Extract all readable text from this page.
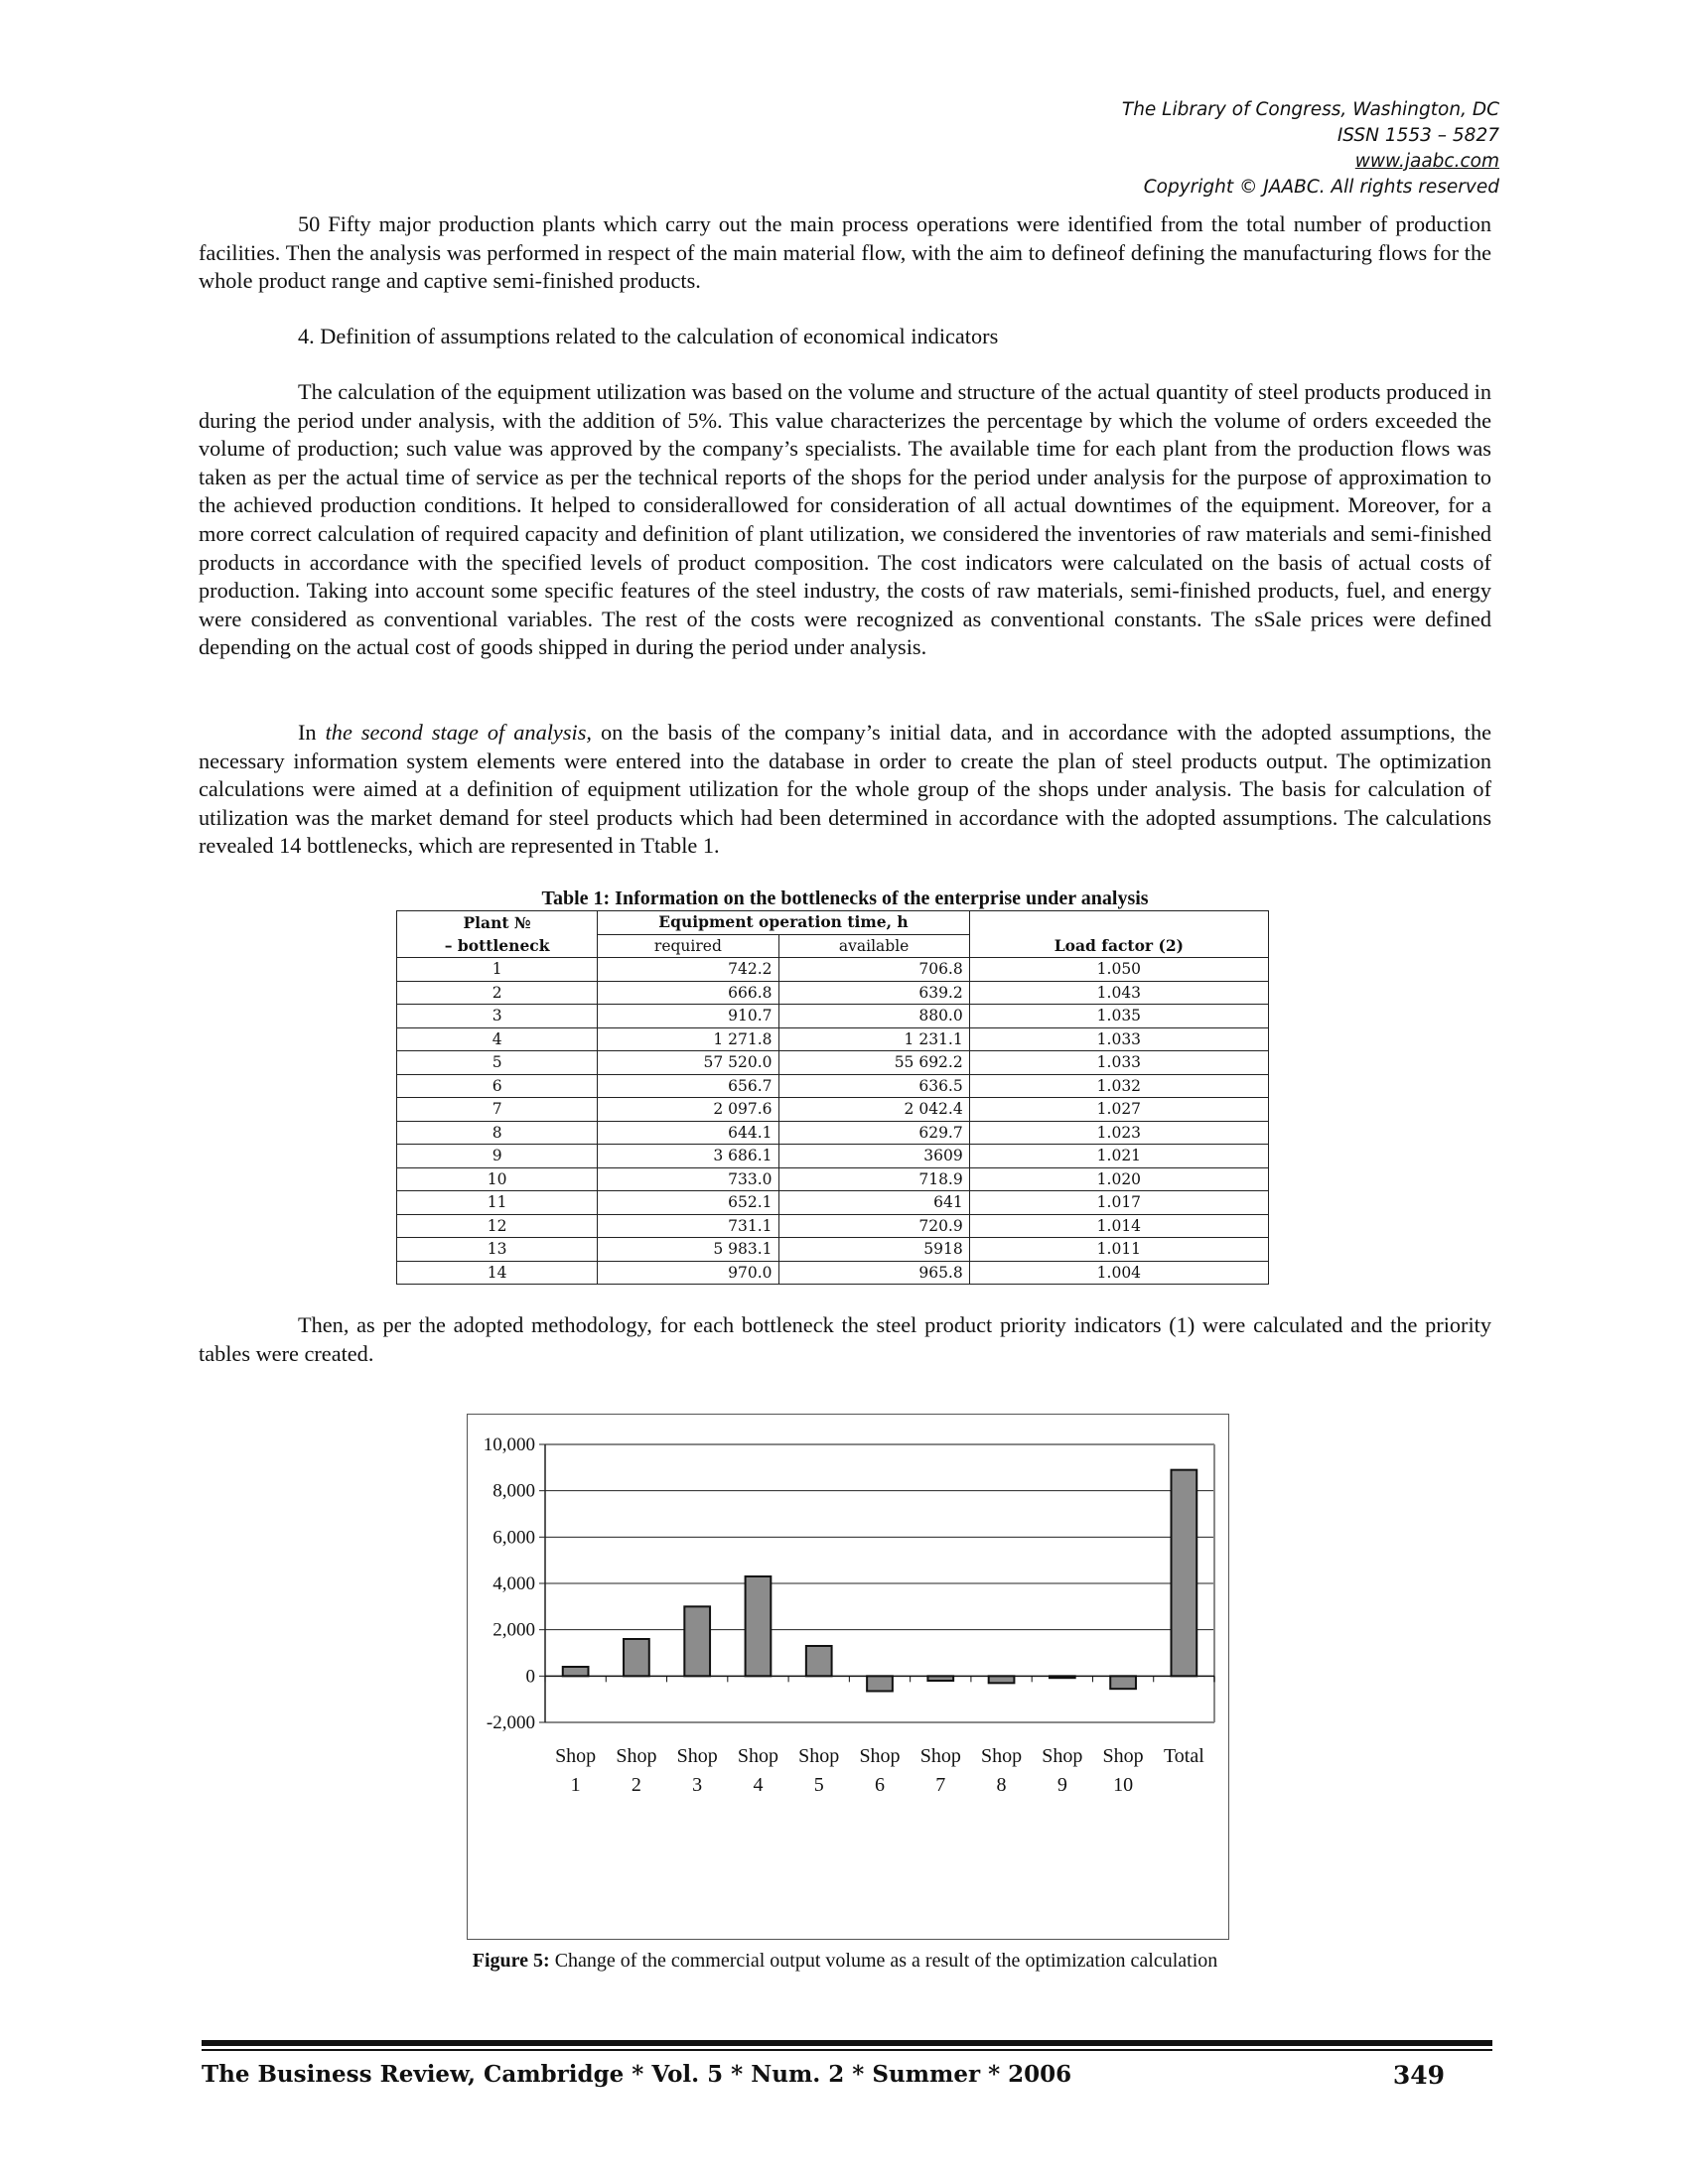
The Library of Congress, Washington, DC
ISSN 1553 – 5827
www.jaabc.com
Copyright © JAABC. All rights reserved

50 Fifty major production plants which carry out the main process operations were identified from the total number of production facilities. Then the analysis was performed in respect of the main material flow, with the aim to defineof defining the manufacturing flows for the whole product range and captive semi-finished products.

4. Definition of assumptions related to the calculation of economical indicators

The calculation of the equipment utilization was based on the volume and structure of the actual quantity of steel products produced in during the period under analysis, with the addition of 5%. This value characterizes the percentage by which the volume of orders exceeded the volume of production; such value was approved by the company’s specialists. The available time for each plant from the production flows was taken as per the actual time of service as per the technical reports of the shops for the period under analysis for the purpose of approximation to the achieved production conditions. It helped to considerallowed for consideration of all actual downtimes of the equipment. Moreover, for a more correct calculation of required capacity and definition of plant utilization, we considered the inventories of raw materials and semi-finished products in accordance with the specified levels of product composition. The cost indicators were calculated on the basis of actual costs of production. Taking into account some specific features of the steel industry, the costs of raw materials, semi-finished products, fuel, and energy were considered as conventional variables. The rest of the costs were recognized as conventional constants. The sSale prices were defined depending on the actual cost of goods shipped in during the period under analysis.

In the second stage of analysis, on the basis of the company’s initial data, and in accordance with the adopted assumptions, the necessary information system elements were entered into the database in order to create the plan of steel products output. The optimization calculations were aimed at a definition of equipment utilization for the whole group of the shops under analysis. The basis for calculation of utilization was the market demand for steel products which had been determined in accordance with the adopted assumptions. The calculations revealed 14 bottlenecks, which are represented in Ttable 1.

Table 1: Information on the bottlenecks of the enterprise under analysis
Plant №	Equipment operation time, h		
– bottleneck	required	available	Load factor (2)
1	742.2	706.8	1.050
2	666.8	639.2	1.043
3	910.7	880.0	1.035
4	1 271.8	1 231.1	1.033
5	57 520.0	55 692.2	1.033
6	656.7	636.5	1.032
7	2 097.6	2 042.4	1.027
8	644.1	629.7	1.023
9	3 686.1	3609	1.021
10	733.0	718.9	1.020
11	652.1	641	1.017
12	731.1	720.9	1.014
13	5 983.1	5918	1.011
14	970.0	965.8	1.004

Then, as per the adopted methodology, for each bottleneck the steel product priority indicators (1) were calculated and the priority tables were created.

-2,000
0
2,000
4,000
6,000
8,000
10,000
Shop
1
Shop
2
Shop
3
Shop
4
Shop
5
Shop
6
Shop
7
Shop
8
Shop
9
Shop
10
Total
Figure 5: Change of the commercial output volume as a result of the optimization calculation
The Business Review, Cambridge * Vol. 5 * Num. 2 * Summer * 2006	349
